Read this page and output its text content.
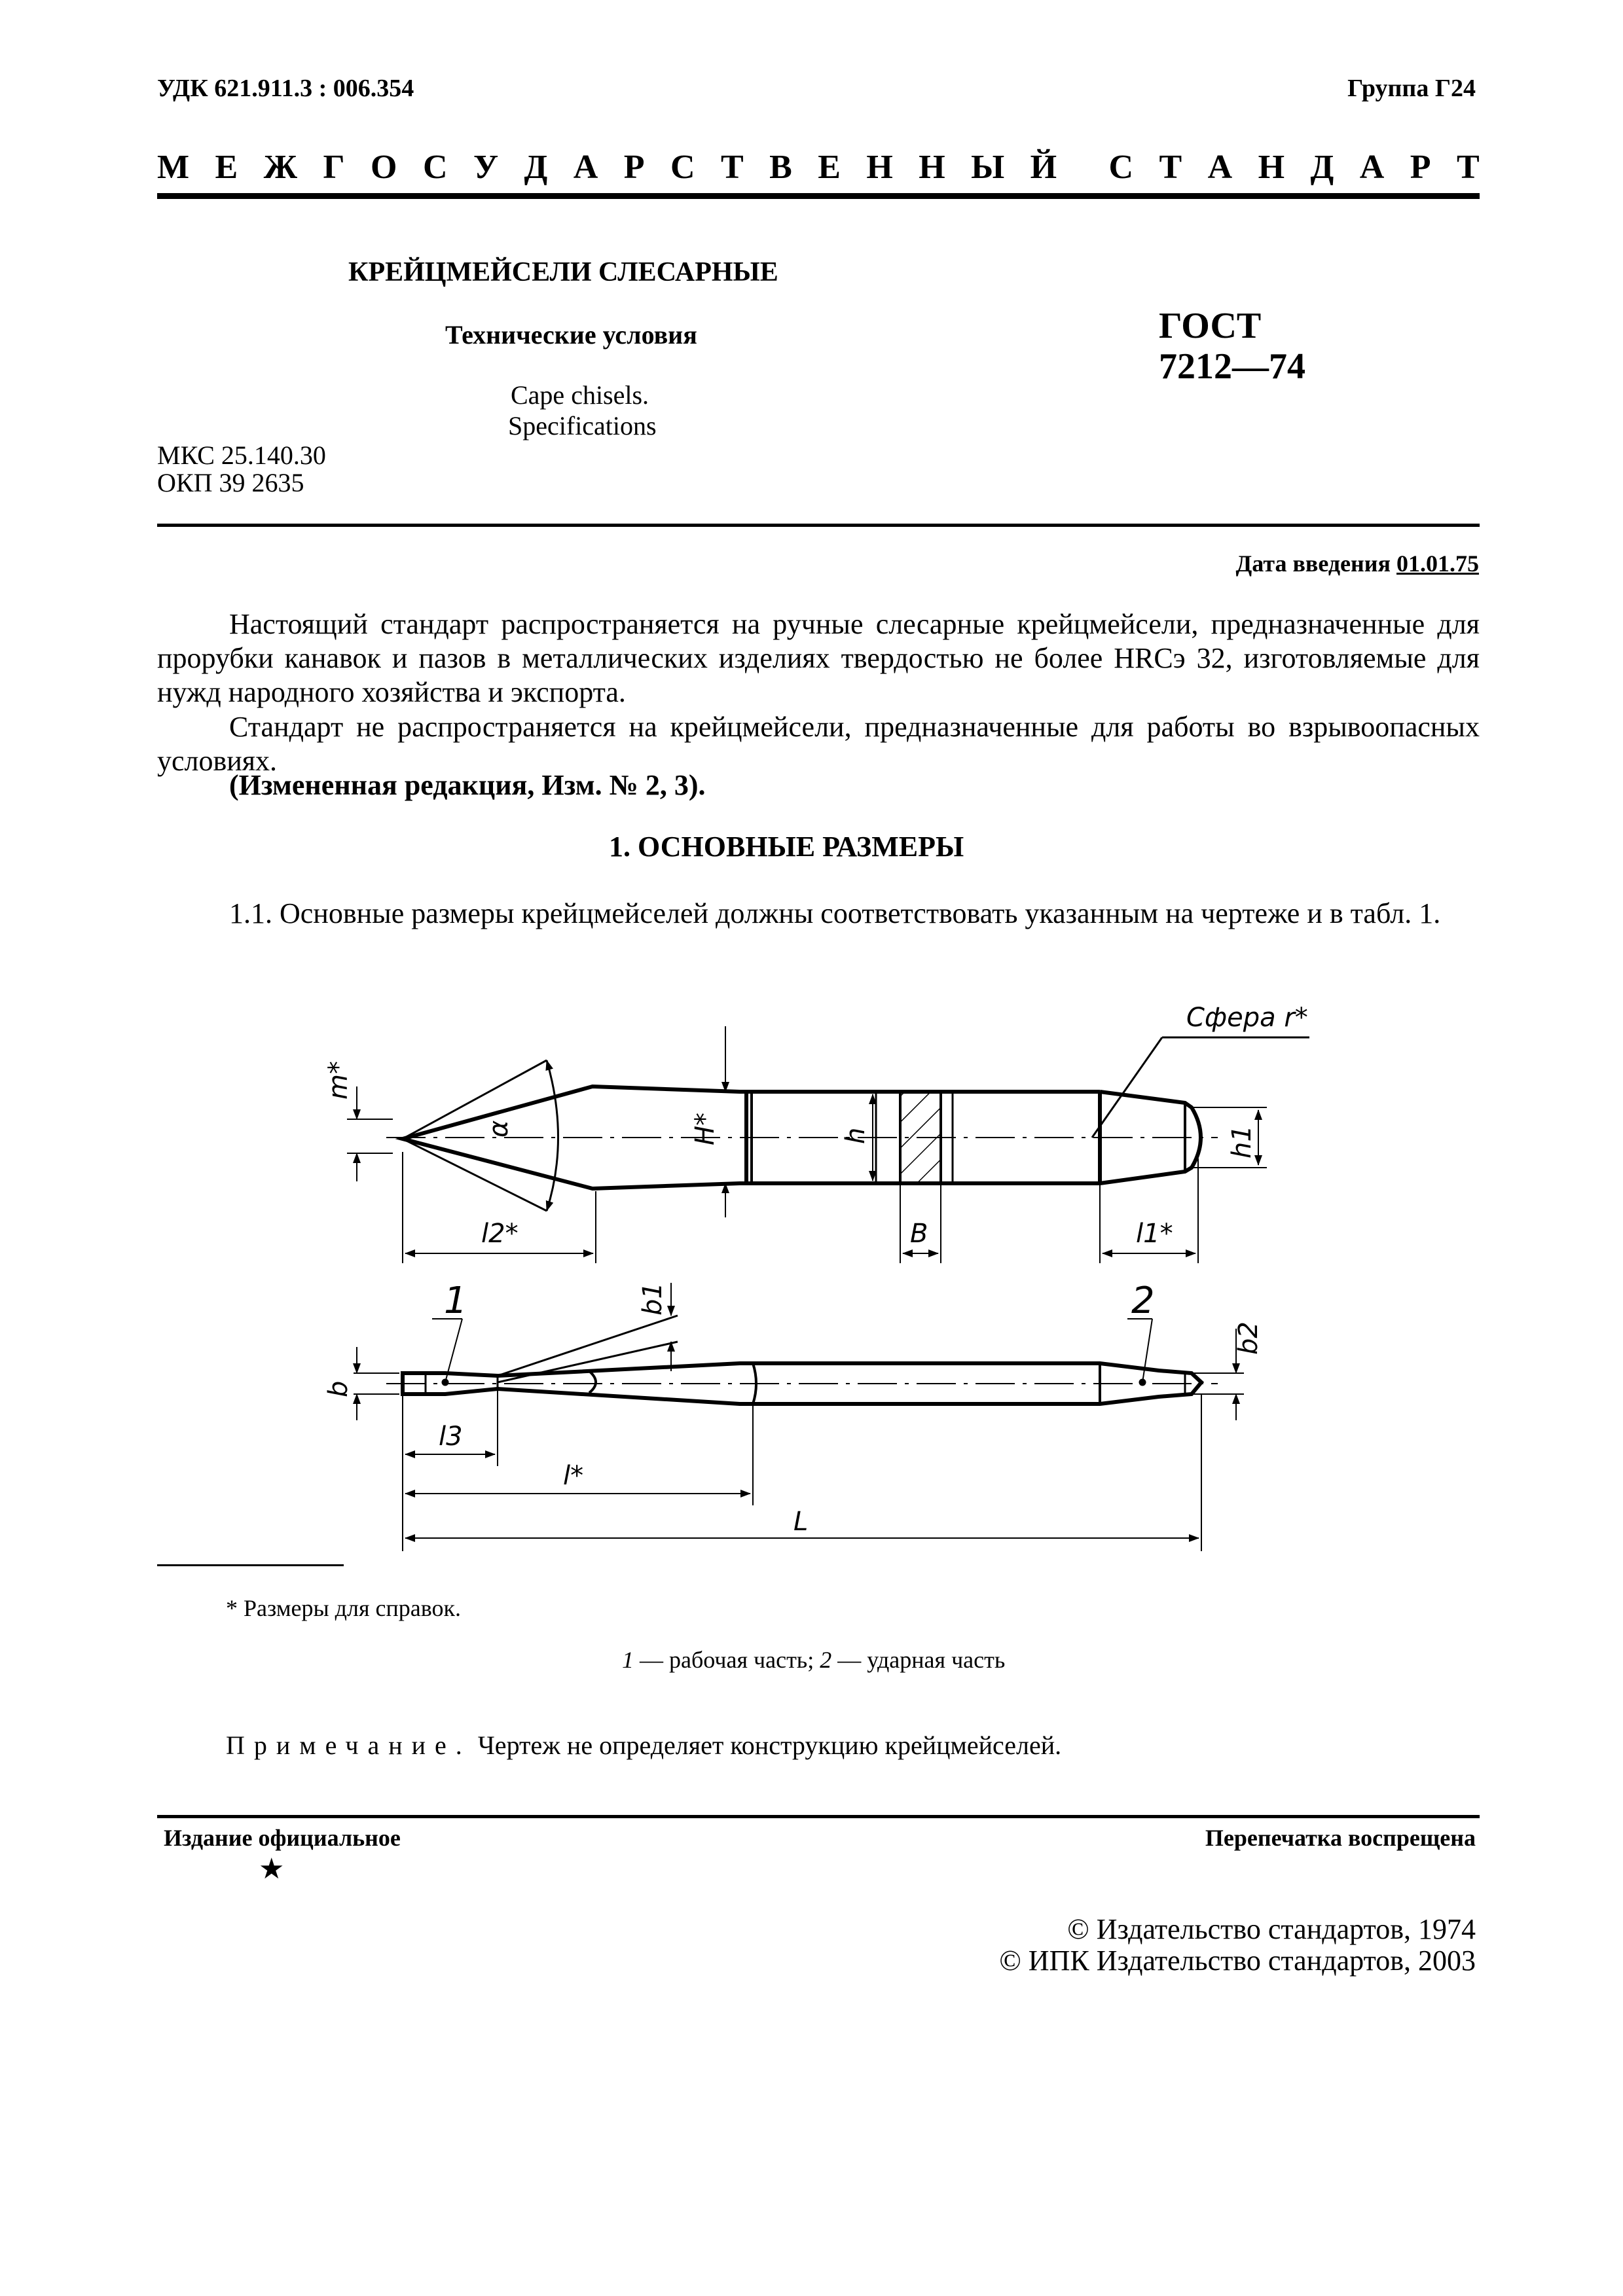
УДК 621.911.3 : 006.354	Группа Г24
М Е Ж Г О С У Д А Р С Т В Е Н Н Ы Й С Т А Н Д А Р Т
КРЕЙЦМЕЙСЕЛИ СЛЕСАРНЫЕ
Технические условия
Cape chisels.
Specifications
ГОСТ
7212—74
МКС 25.140.30
ОКП 39 2635
Дата введения 01.01.75
Настоящий стандарт распространяется на ручные слесарные крейцмейсели, предназначенные для прорубки канавок и пазов в металлических изделиях твердостью не более HRCэ 32, изготовляемые для нужд народного хозяйства и экспорта.
Стандарт не распространяется на крейцмейсели, предназначенные для работы во взрывоопасных условиях.
(Измененная редакция, Изм. № 2, 3).
1. ОСНОВНЫЕ РАЗМЕРЫ
1.1. Основные размеры крейцмейселей должны соответствовать указанным на чертеже и в табл. 1.
Сфера r*
m*
α	H*	h	h1
l2*	B	l1*
b
b1
b2
1	2
l3
l*
L
* Размеры для справок.
1 — рабочая часть; 2 — ударная часть
Примечание. Чертеж не определяет конструкцию крейцмейселей.
Издание официальное	Перепечатка воспрещена
★
© Издательство стандартов, 1974
© ИПК Издательство стандартов, 2003
